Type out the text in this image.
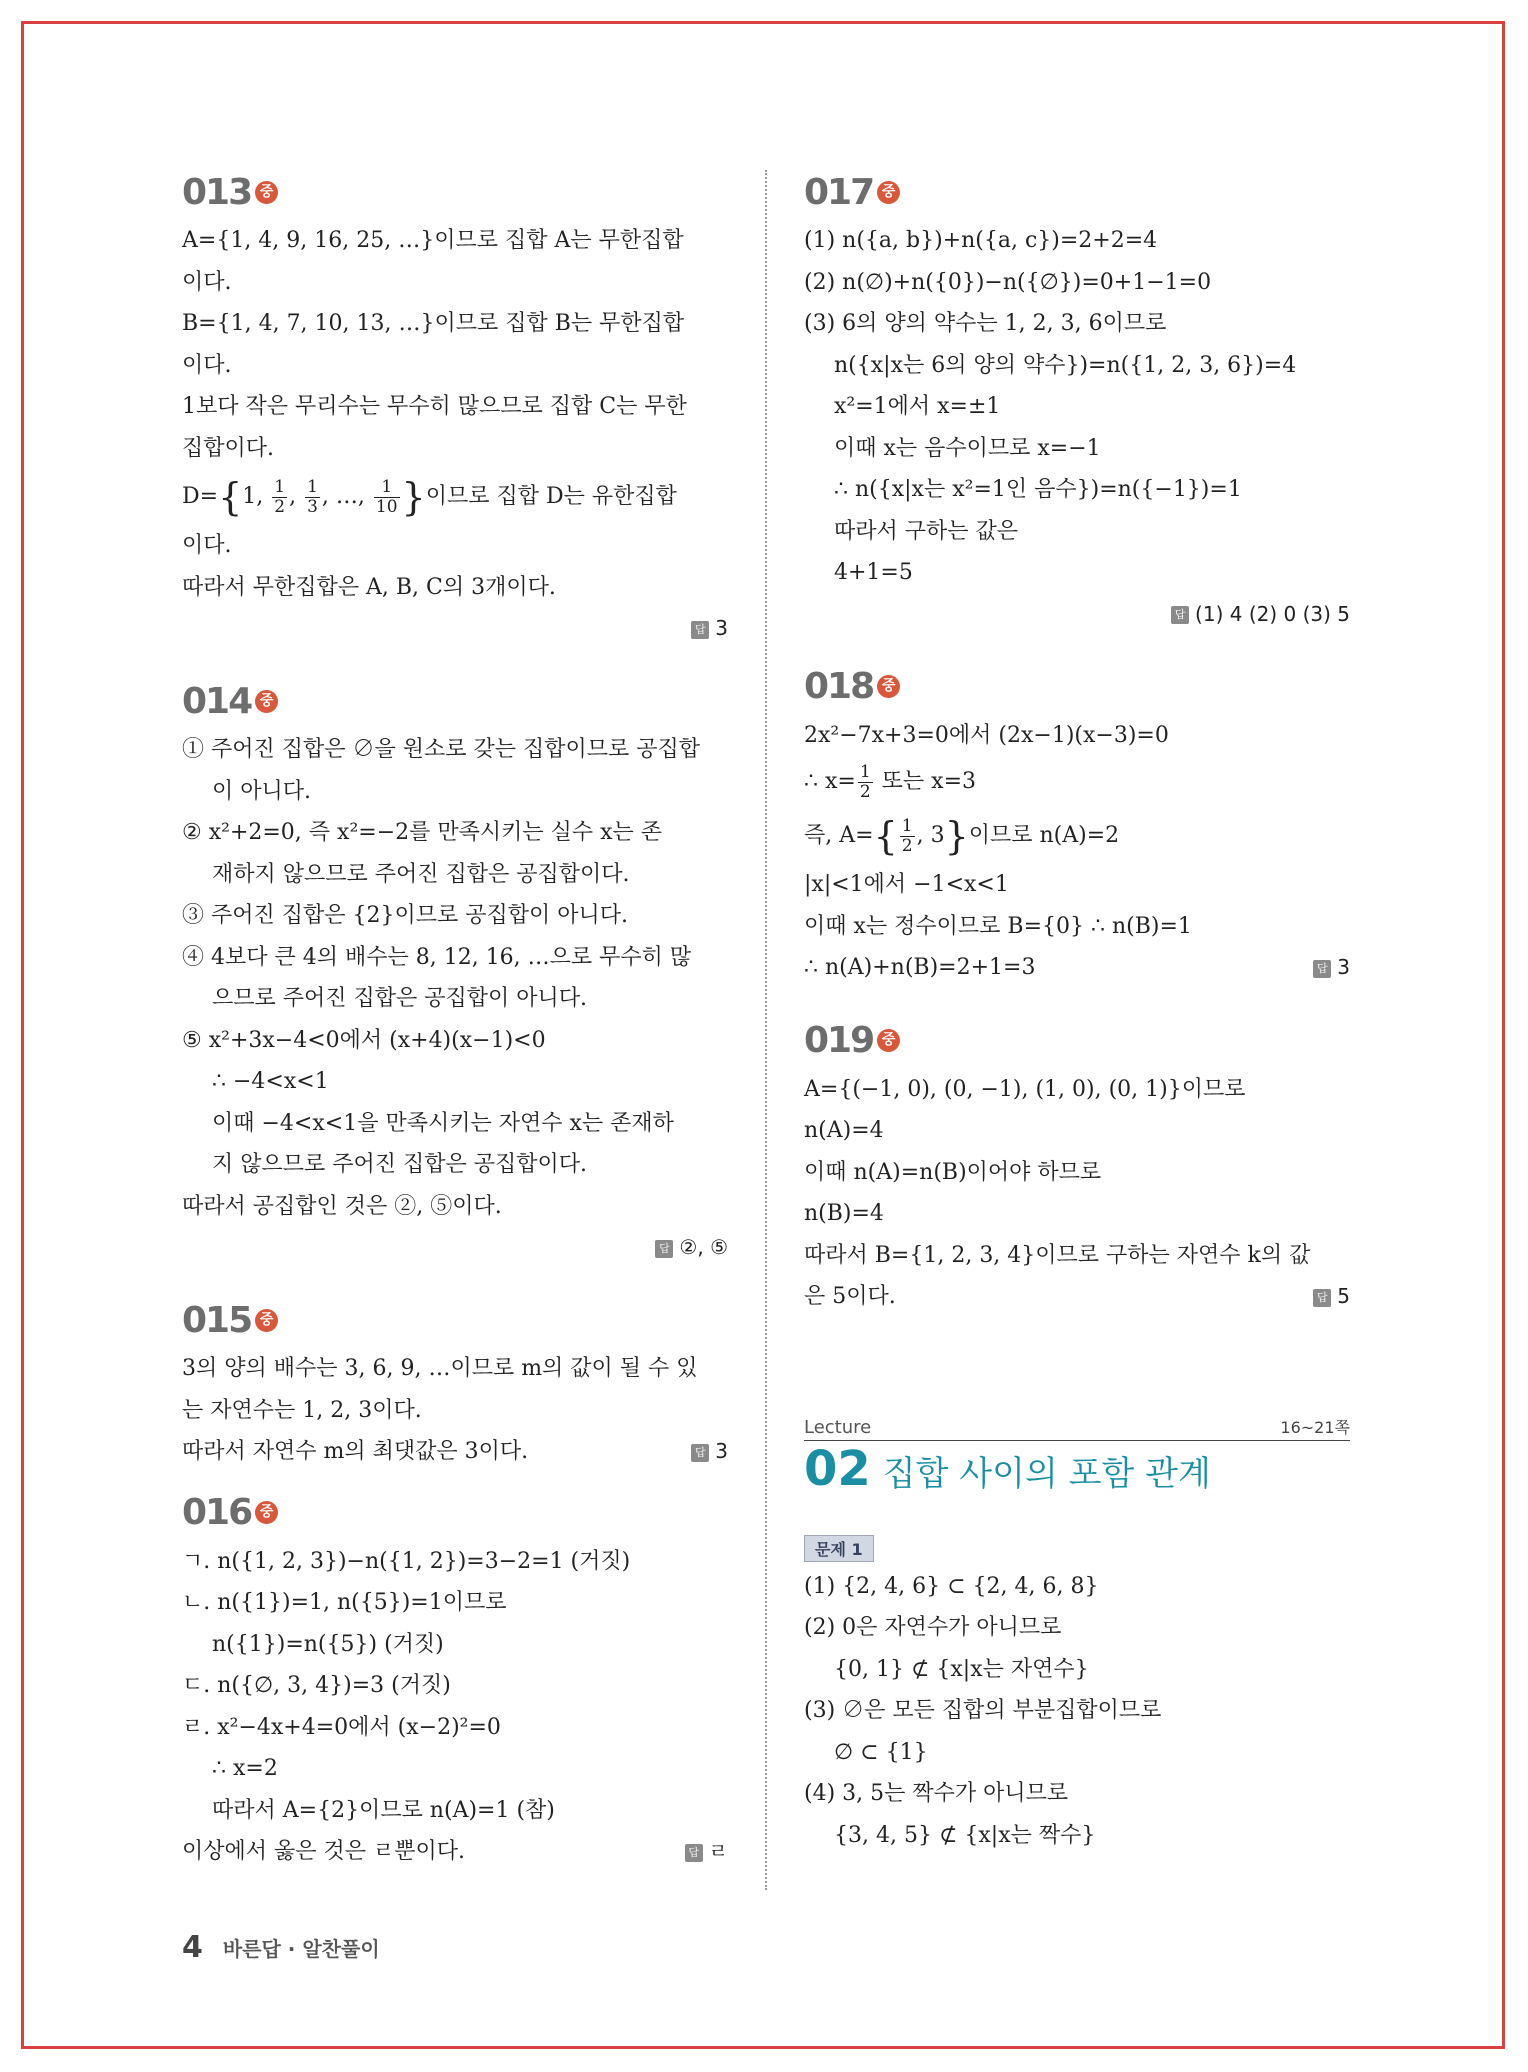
013 중
A={1, 4, 9, 16, 25, …}이므로 집합 A는 무한집합
이다.
B={1, 4, 7, 10, 13, …}이므로 집합 B는 무한집합
이다.
1보다 작은 무리수는 무수히 많으므로 집합 C는 무한
집합이다.
D={1, $\frac{1}{2}$ , $\frac{1}{3}$ , …, $\frac{1}{10}$ }이므로 집합 D는 유한집합
이다.
따라서 무한집합은 A, B, C의 3개이다.
답 3
014 중
① 주어진 집합은 ∅을 원소로 갖는 집합이므로 공집합
이 아니다.
② x²+2=0, 즉 x²=−2를 만족시키는 실수 x는 존
재하지 않으므로 주어진 집합은 공집합이다.
③ 주어진 집합은 {2}이므로 공집합이 아니다.
④ 4보다 큰 4의 배수는 8, 12, 16, …으로 무수히 많
으므로 주어진 집합은 공집합이 아니다.
⑤ x²+3x−4<0에서 (x+4)(x−1)<0
∴ −4<x<1
이때 −4<x<1을 만족시키는 자연수 x는 존재하
지 않으므로 주어진 집합은 공집합이다.
따라서 공집합인 것은 ②, ⑤이다.
답 ②, ⑤
015 중
3의 양의 배수는 3, 6, 9, …이므로 m의 값이 될 수 있
는 자연수는 1, 2, 3이다.
따라서 자연수 m의 최댓값은 3이다.	답 3
016 중
ㄱ. n({1, 2, 3})−n({1, 2})=3−2=1 (거짓)
ㄴ. n({1})=1, n({5})=1이므로
n({1})=n({5}) (거짓)
ㄷ. n({∅, 3, 4})=3 (거짓)
ㄹ. x²−4x+4=0에서 (x−2)²=0
∴ x=2
따라서 A={2}이므로 n(A)=1 (참)
이상에서 옳은 것은 ㄹ뿐이다.	답 ㄹ
017 중
(1) n({a, b})+n({a, c})=2+2=4
(2) n(∅)+n({0})−n({∅})=0+1−1=0
(3) 6의 양의 약수는 1, 2, 3, 6이므로
n({x|x는 6의 양의 약수})=n({1, 2, 3, 6})=4
x²=1에서 x=±1
이때 x는 음수이므로 x=−1
∴ n({x|x는 x²=1인 음수})=n({−1})=1
따라서 구하는 값은
4+1=5
답 (1) 4 (2) 0 (3) 5
018 중
2x²−7x+3=0에서 (2x−1)(x−3)=0
∴ $x= \frac{1}{2}$ 또는 x=3
즉, $A=\{ \frac{1}{2}$ , 3}이므로 n(A)=2
|x|<1에서 −1<x<1
이때 x는 정수이므로 B={0} ∴ n(B)=1
∴ n(A)+n(B)=2+1=3	답 3
019 중
A={(−1, 0), (0, −1), (1, 0), (0, 1)}이므로
n(A)=4
이때 n(A)=n(B)이어야 하므로
n(B)=4
따라서 B={1, 2, 3, 4}이므로 구하는 자연수 k의 값
은 5이다.	답 5
Lecture	16~21쪽
02 집합 사이의 포함 관계
문제 1
(1) {2, 4, 6} ⊂ {2, 4, 6, 8}
(2) 0은 자연수가 아니므로
{0, 1} ⊄ {x|x는 자연수}
(3) ∅은 모든 집합의 부분집합이므로
∅ ⊂ {1}
(4) 3, 5는 짝수가 아니므로
{3, 4, 5} ⊄ {x|x는 짝수}
4 바른답 · 알찬풀이
